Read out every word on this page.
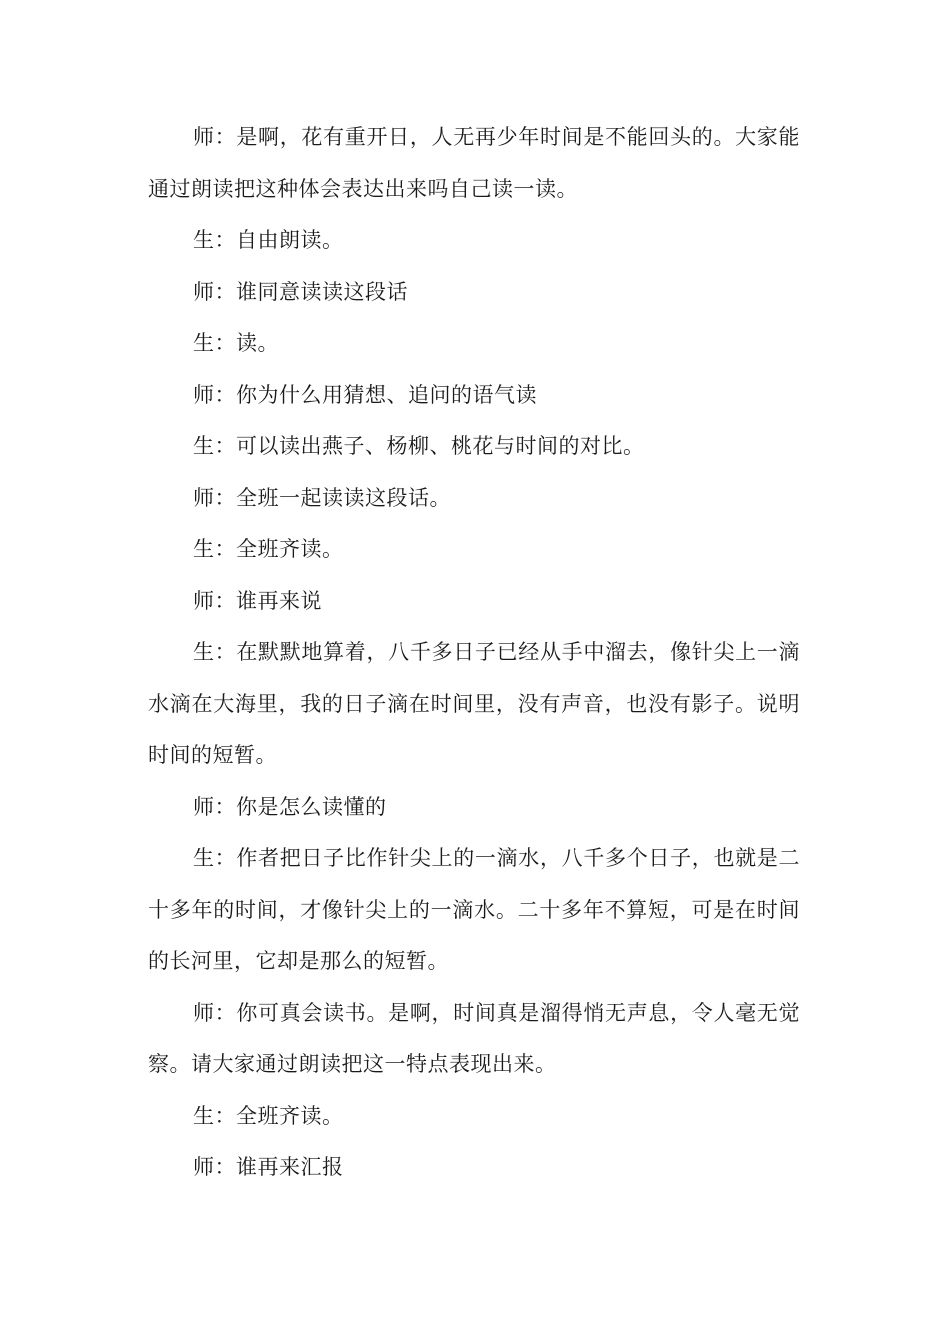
师：是啊，花有重开日，人无再少年时间是不能回头的。大家能通过朗读把这种体会表达出来吗自己读一读。

生：自由朗读。

师：谁同意读读这段话

生：读。

师：你为什么用猜想、追问的语气读

生：可以读出燕子、杨柳、桃花与时间的对比。

师：全班一起读读这段话。

生：全班齐读。

师：谁再来说

生：在默默地算着，八千多日子已经从手中溜去，像针尖上一滴水滴在大海里，我的日子滴在时间里，没有声音，也没有影子。说明时间的短暂。

师：你是怎么读懂的

生：作者把日子比作针尖上的一滴水，八千多个日子，也就是二十多年的时间，才像针尖上的一滴水。二十多年不算短，可是在时间的长河里，它却是那么的短暂。

师：你可真会读书。是啊，时间真是溜得悄无声息，令人毫无觉察。请大家通过朗读把这一特点表现出来。

生：全班齐读。

师：谁再来汇报
